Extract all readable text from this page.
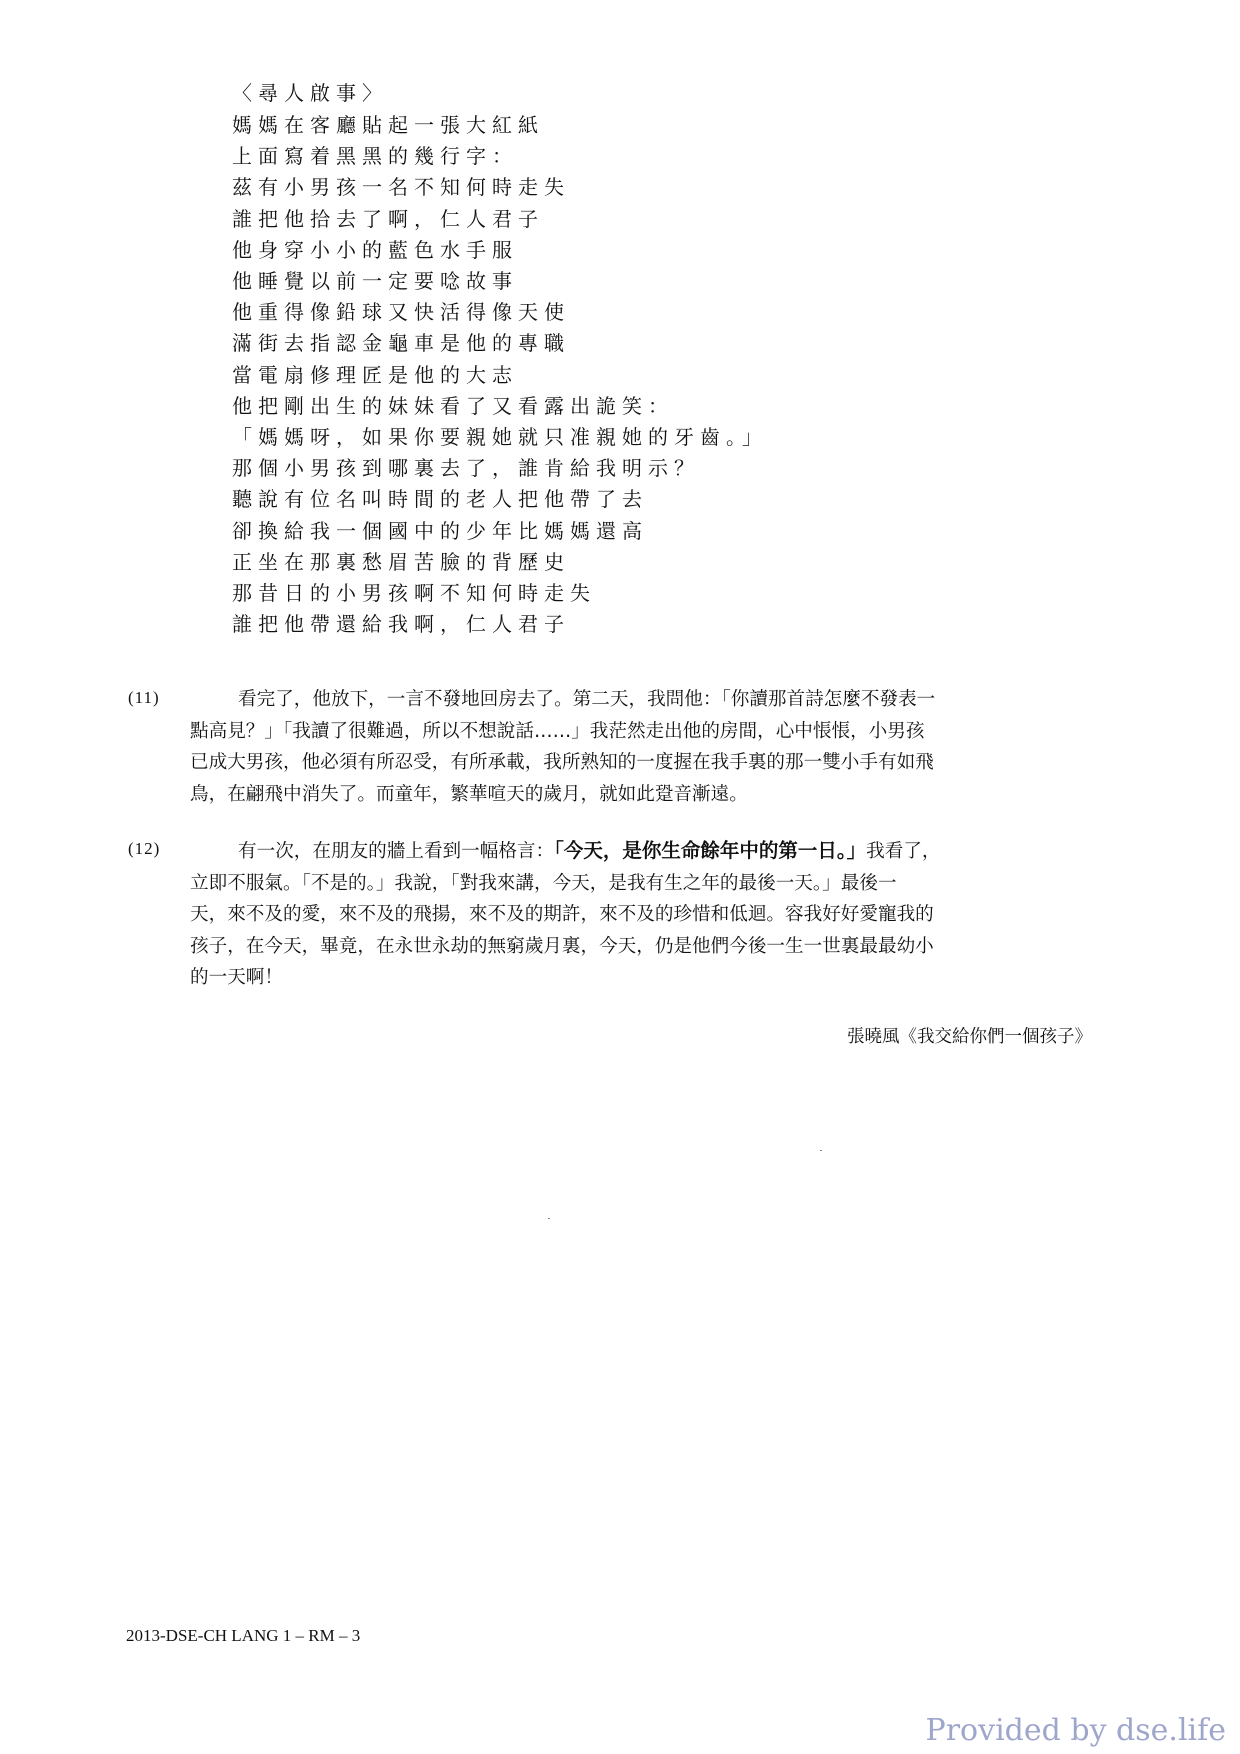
〈尋人啟事〉
媽媽在客廳貼起一張大紅紙
上面寫着黑黑的幾行字：
茲有小男孩一名不知何時走失
誰把他拾去了啊，仁人君子
他身穿小小的藍色水手服
他睡覺以前一定要唸故事
他重得像鉛球又快活得像天使
滿街去指認金龜車是他的專職
當電扇修理匠是他的大志
他把剛出生的妹妹看了又看露出詭笑：
「媽媽呀，如果你要親她就只准親她的牙齒。」
那個小男孩到哪裏去了，誰肯給我明示？
聽說有位名叫時間的老人把他帶了去
卻換給我一個國中的少年比媽媽還高
正坐在那裏愁眉苦臉的背歷史
那昔日的小男孩啊不知何時走失
誰把他帶還給我啊，仁人君子
(11)	看完了，他放下，一言不發地回房去了。第二天，我問他：「你讀那首詩怎麼不發表一
點高見？」「我讀了很難過，所以不想說話……」我茫然走出他的房間，心中悵悵，小男孩
已成大男孩，他必須有所忍受，有所承載，我所熟知的一度握在我手裏的那一雙小手有如飛
鳥，在翩飛中消失了。而童年，繁華喧天的歲月，就如此跫音漸遠。
(12)	有一次，在朋友的牆上看到一幅格言：「今天，是你生命餘年中的第一日。」我看了，
立即不服氣。「不是的。」我說，「對我來講，今天，是我有生之年的最後一天。」最後一
天，來不及的愛，來不及的飛揚，來不及的期許，來不及的珍惜和低迴。容我好好愛寵我的
孩子，在今天，畢竟，在永世永劫的無窮歲月裏，今天，仍是他們今後一生一世裏最最幼小
的一天啊！
張曉風《我交給你們一個孩子》
2013-DSE-CH LANG 1 – RM – 3
Provided by dse.life
